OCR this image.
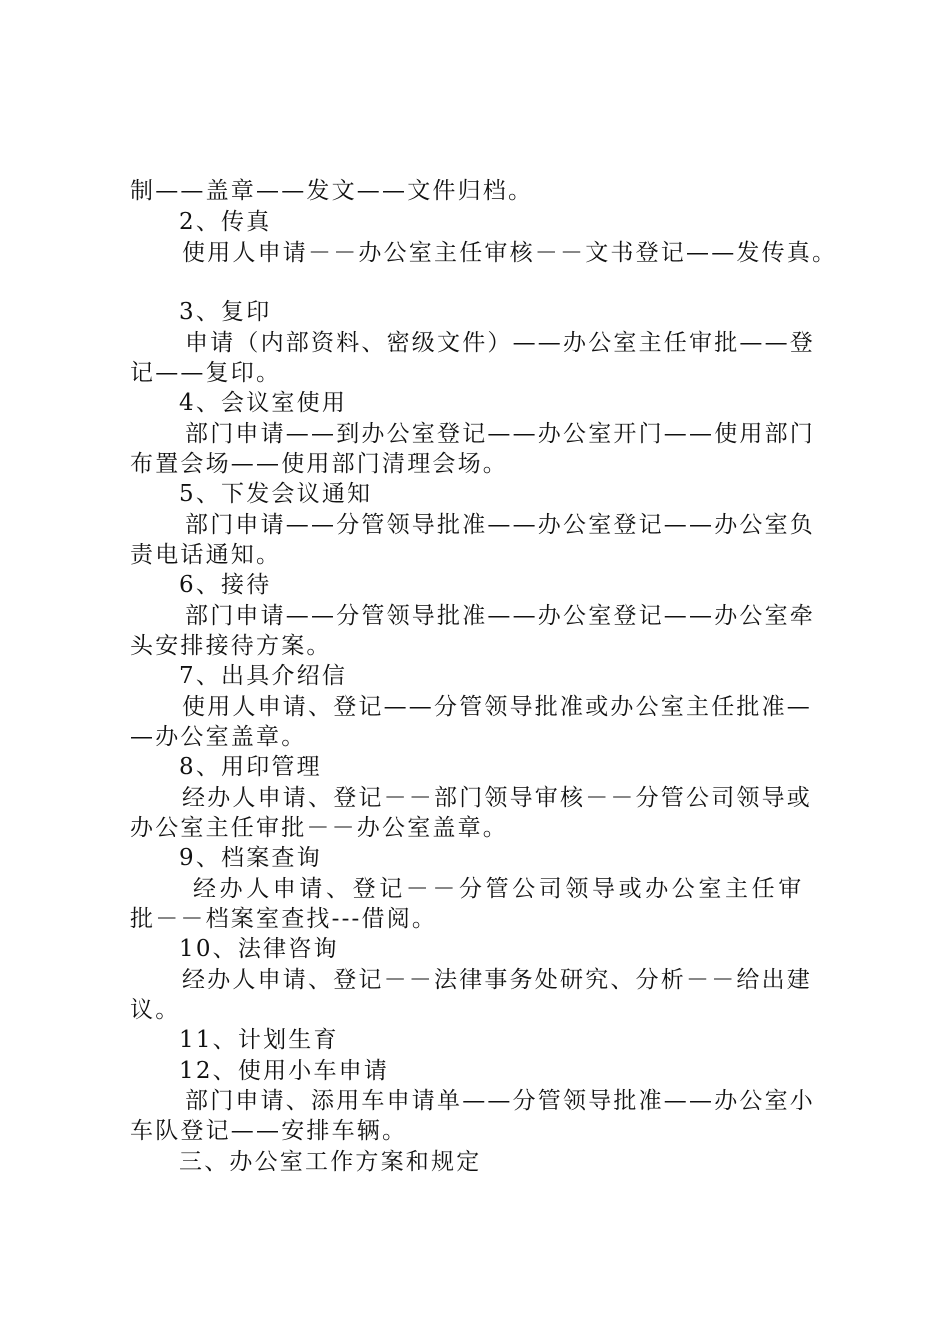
制——盖章——发文——文件归档。
2、传真
使用人申请－－办公室主任审核－－文书登记——发传真。
3、复印
申请（内部资料、密级文件）——办公室主任审批——登
记——复印。
4、会议室使用
部门申请——到办公室登记——办公室开门——使用部门
布置会场——使用部门清理会场。
5、下发会议通知
部门申请——分管领导批准——办公室登记——办公室负
责电话通知。
6、接待
部门申请——分管领导批准——办公室登记——办公室牵
头安排接待方案。
7、出具介绍信
使用人申请、登记——分管领导批准或办公室主任批准—
—办公室盖章。
8、用印管理
经办人申请、登记－－部门领导审核－－分管公司领导或
办公室主任审批－－办公室盖章。
9、档案查询
经办人申请、登记－－分管公司领导或办公室主任审
批－－档案室查找---借阅。
10、法律咨询
经办人申请、登记－－法律事务处研究、分析－－给出建
议。
11、计划生育
12、使用小车申请
部门申请、添用车申请单——分管领导批准——办公室小
车队登记——安排车辆。
三、办公室工作方案和规定
